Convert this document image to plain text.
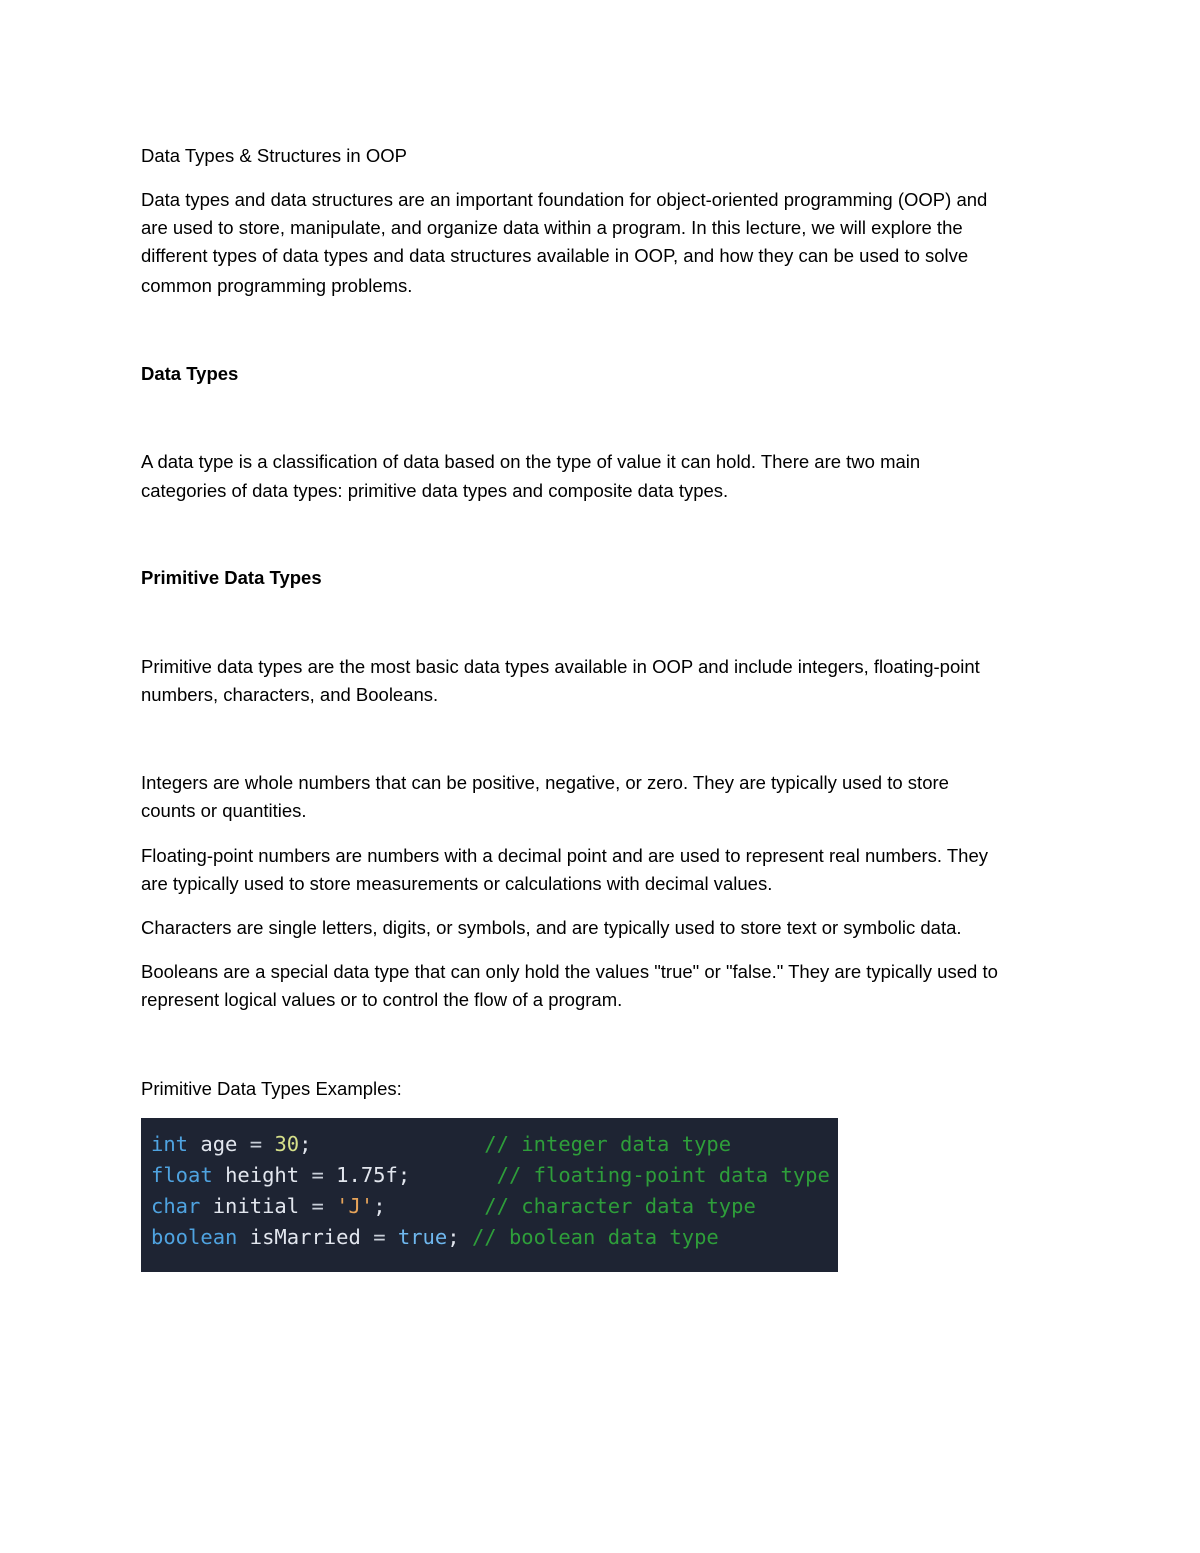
Data Types & Structures in OOP
Data types and data structures are an important foundation for object-oriented programming (OOP) and
are used to store, manipulate, and organize data within a program. In this lecture, we will explore the
different types of data types and data structures available in OOP, and how they can be used to solve
common programming problems.
Data Types
A data type is a classification of data based on the type of value it can hold. There are two main
categories of data types: primitive data types and composite data types.
Primitive Data Types
Primitive data types are the most basic data types available in OOP and include integers, floating-point
numbers, characters, and Booleans.
Integers are whole numbers that can be positive, negative, or zero. They are typically used to store
counts or quantities.
Floating-point numbers are numbers with a decimal point and are used to represent real numbers. They
are typically used to store measurements or calculations with decimal values.
Characters are single letters, digits, or symbols, and are typically used to store text or symbolic data.
Booleans are a special data type that can only hold the values "true" or "false." They are typically used to
represent logical values or to control the flow of a program.
Primitive Data Types Examples:
int age = 30;	// integer data type
float height = 1.75f;	// floating-point data type
char initial = 'J';	// character data type
boolean isMarried = true; // boolean data type
